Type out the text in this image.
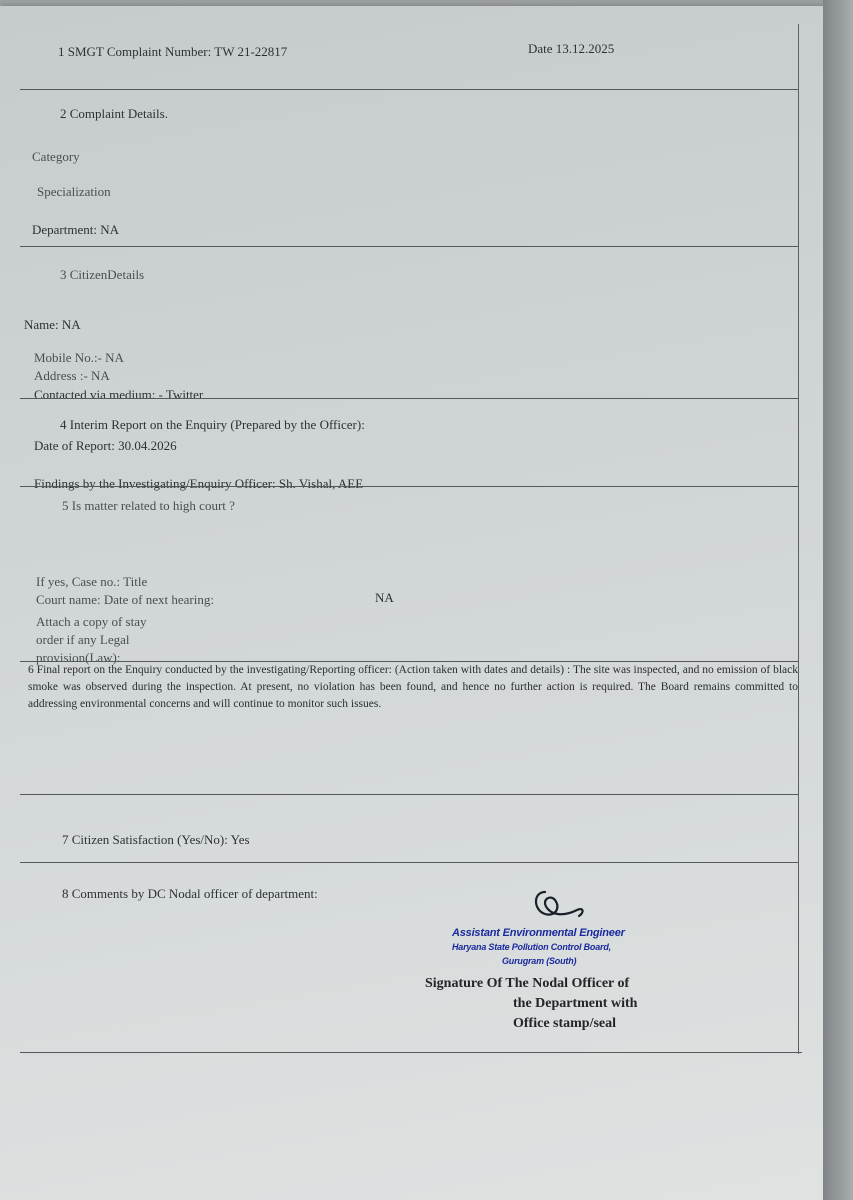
1 SMGT Complaint Number: TW 21-22817	Date 13.12.2025
2 Complaint Details.
Category
Specialization
Department: NA
3 CitizenDetails
Name: NA
Mobile No.:- NA
Address :- NA
Contacted via medium: - Twitter
4 Interim Report on the Enquiry (Prepared by the Officer):
Date of Report: 30.04.2026
Findings by the Investigating/Enquiry Officer: Sh. Vishal, AEE
5 Is matter related to high court ?
If yes, Case no.: Title
Court name: Date of next hearing:	NA
Attach a copy of stay
order if any Legal
provision(Law):
6 Final report on the Enquiry conducted by the investigating/Reporting officer: (Action taken with dates and details) : The site was inspected, and no emission of black smoke was observed during the inspection. At present, no violation has been found, and hence no further action is required. The Board remains committed to addressing environmental concerns and will continue to monitor such issues.
7 Citizen Satisfaction (Yes/No): Yes
8 Comments by DC Nodal officer of department:
Assistant Environmental Engineer
Haryana State Pollution Control Board,
Gurugram (South)
Signature Of The Nodal Officer of
the Department with
Office stamp/seal
